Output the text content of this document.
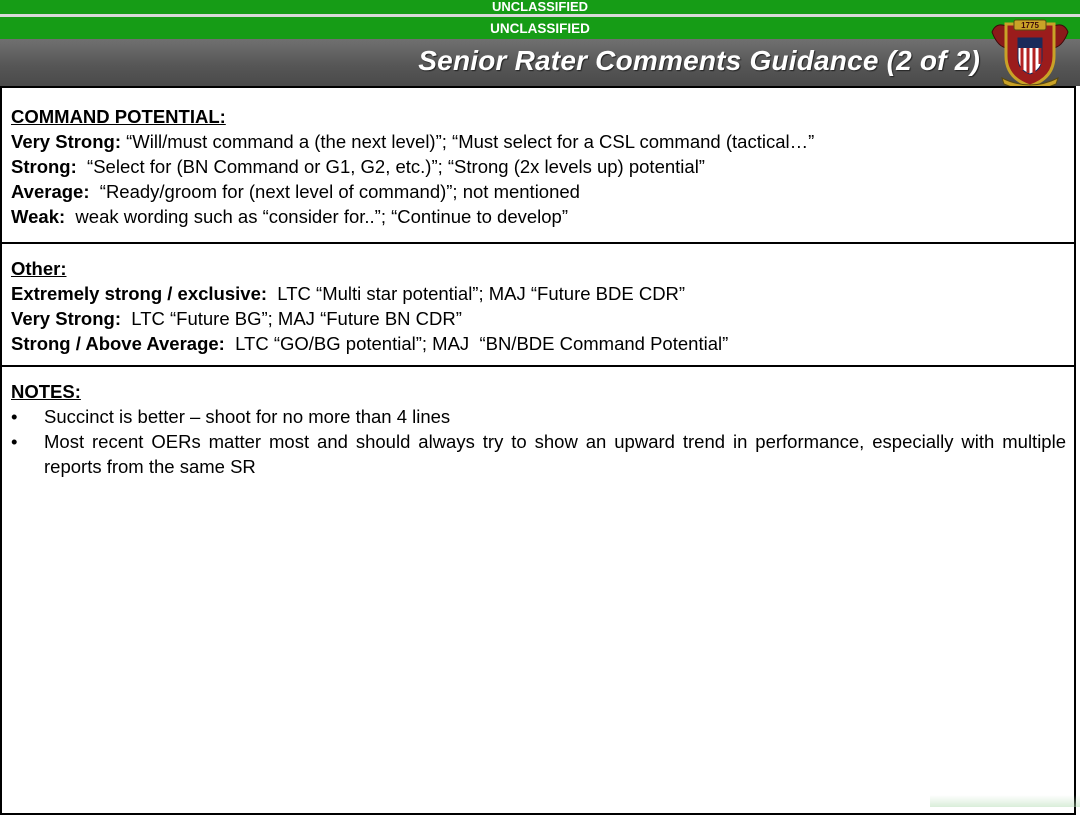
UNCLASSIFIED
UNCLASSIFIED
Senior Rater Comments Guidance (2 of 2)
1775
COMMAND POTENTIAL:
Very Strong: “Will/must command a (the next level)”; “Must select for a CSL command (tactical…”
Strong:  “Select for (BN Command or G1, G2, etc.)”; “Strong (2x levels up) potential”
Average:  “Ready/groom for (next level of command)”; not mentioned
Weak:  weak wording such as “consider for..”; “Continue to develop”
Other:
Extremely strong / exclusive:  LTC “Multi star potential”; MAJ “Future BDE CDR”
Very Strong:  LTC “Future BG”; MAJ “Future BN CDR”
Strong / Above Average:  LTC “GO/BG potential”; MAJ  “BN/BDE Command Potential”
NOTES:
•	Succinct is better – shoot for no more than 4 lines
•	Most recent OERs matter most and should always try to show an upward trend in performance, especially with multiple reports from the same SR
